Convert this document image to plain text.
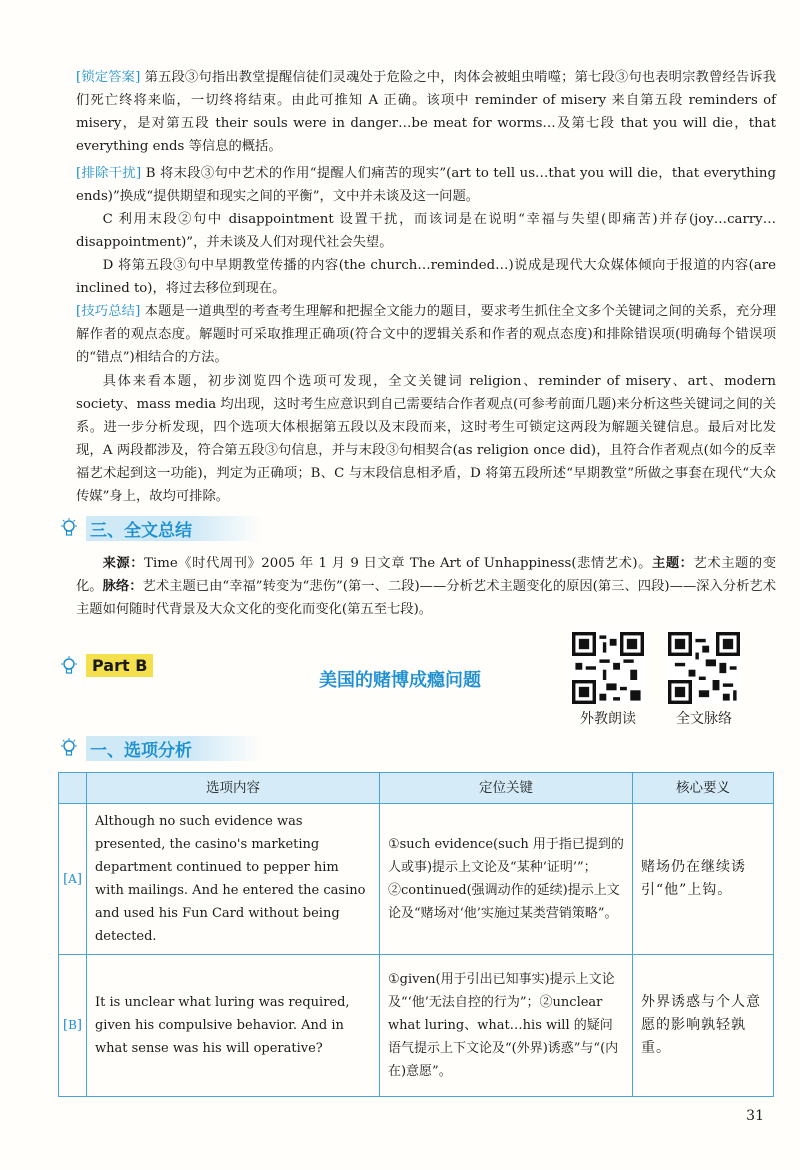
[锁定答案] 第五段③句指出教堂提醒信徒们灵魂处于危险之中，肉体会被蛆虫啃噬；第七段③句也表明宗教曾经告诉我们死亡终将来临，一切终将结束。由此可推知 A 正确。该项中 reminder of misery 来自第五段 reminders of misery，是对第五段 their souls were in danger…be meat for worms…及第七段 that you will die，that everything ends 等信息的概括。
[排除干扰] B 将末段③句中艺术的作用“提醒人们痛苦的现实”(art to tell us…that you will die，that everything ends)”换成“提供期望和现实之间的平衡”，文中并未谈及这一问题。
C 利用末段②句中 disappointment 设置干扰，而该词是在说明“幸福与失望(即痛苦)并存(joy…carry…disappointment)”，并未谈及人们对现代社会失望。
D 将第五段③句中早期教堂传播的内容(the church…reminded…)说成是现代大众媒体倾向于报道的内容(are inclined to)，将过去移位到现在。
[技巧总结] 本题是一道典型的考查考生理解和把握全文能力的题目，要求考生抓住全文多个关键词之间的关系，充分理解作者的观点态度。解题时可采取推理正确项(符合文中的逻辑关系和作者的观点态度)和排除错误项(明确每个错误项的“错点”)相结合的方法。
具体来看本题，初步浏览四个选项可发现，全文关键词 religion、reminder of misery、art、modern society、mass media 均出现，这时考生应意识到自己需要结合作者观点(可参考前面几题)来分析这些关键词之间的关系。进一步分析发现，四个选项大体根据第五段以及末段而来，这时考生可锁定这两段为解题关键信息。最后对比发现，A 两段都涉及，符合第五段③句信息，并与末段③句相契合(as religion once did)，且符合作者观点(如今的反幸福艺术起到这一功能)，判定为正确项；B、C 与末段信息相矛盾，D 将第五段所述“早期教堂”所做之事套在现代“大众传媒”身上，故均可排除。
三、全文总结
来源：Time《时代周刊》2005 年 1 月 9 日文章 The Art of Unhappiness(悲情艺术)。主题：艺术主题的变化。脉络：艺术主题已由“幸福”转变为“悲伤”(第一、二段)——分析艺术主题变化的原因(第三、四段)——深入分析艺术主题如何随时代背景及大众文化的变化而变化(第五至七段)。
Part B
美国的赌博成瘾问题
外教朗读	全文脉络
一、选项分析
	选项内容	定位关键	核心要义
[A]	Although no such evidence was presented, the casino's marketing department continued to pepper him with mailings. And he entered the casino and used his Fun Card without being detected.	①such evidence(such 用于指已提到的人或事)提示上文论及“某种‘证明’”；②continued(强调动作的延续)提示上文论及“赌场对‘他’实施过某类营销策略”。	赌场仍在继续诱引“他”上钩。
[B]	It is unclear what luring was required, given his compulsive behavior. And in what sense was his will operative?	①given(用于引出已知事实)提示上文论及“‘他’无法自控的行为”；②unclear what luring、what…his will 的疑问语气提示上下文论及“(外界)诱惑”与“(内在)意愿”。	外界诱惑与个人意愿的影响孰轻孰重。
31
